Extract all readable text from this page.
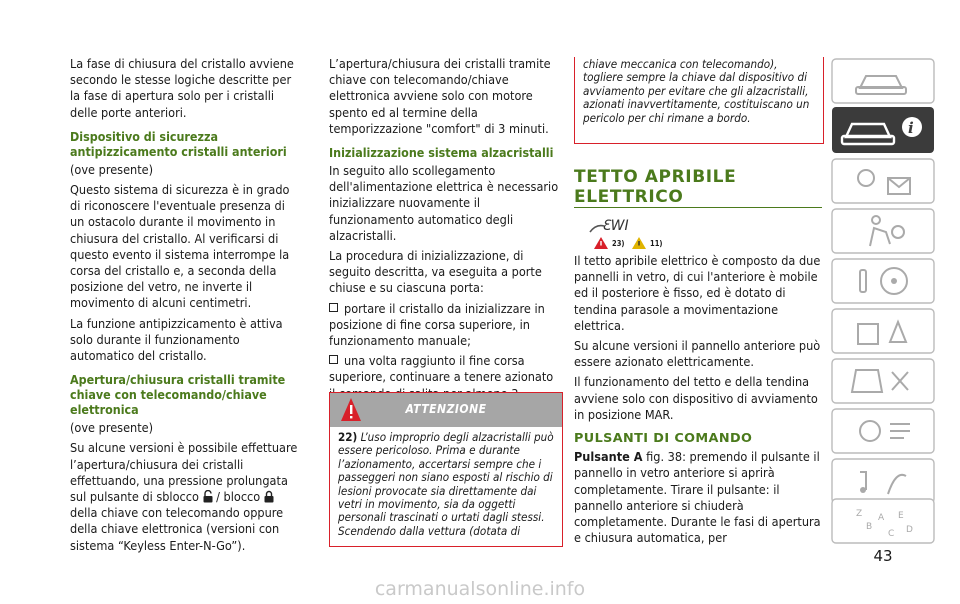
La fase di chiusura del cristallo avviene secondo le stesse logiche descritte per la fase di apertura solo per i cristalli delle porte anteriori.

Dispositivo di sicurezza antipizzicamento cristalli anteriori

(ove presente)

Questo sistema di sicurezza è in grado di riconoscere l'eventuale presenza di un ostacolo durante il movimento in chiusura del cristallo. Al verificarsi di questo evento il sistema interrompe la corsa del cristallo e, a seconda della posizione del vetro, ne inverte il movimento di alcuni centimetri.

La funzione antipizzicamento è attiva solo durante il funzionamento automatico del cristallo.

Apertura/chiusura cristalli tramite chiave con telecomando/chiave elettronica

(ove presente)

Su alcune versioni è possibile effettuare l’apertura/chiusura dei cristalli effettuando, una pressione prolungata sul pulsante di sblocco / blocco  della chiave con telecomando oppure della chiave elettronica (versioni con sistema “Keyless Enter-N-Go”).

L’apertura/chiusura dei cristalli tramite chiave con telecomando/chiave elettronica avviene solo con motore spento ed al termine della temporizzazione "comfort" di 3 minuti.

Inizializzazione sistema alzacristalli

In seguito allo scollegamento dell'alimentazione elettrica è necessario inizializzare nuovamente il funzionamento automatico degli alzacristalli.

La procedura di inizializzazione, di seguito descritta, va eseguita a porte chiuse e su ciascuna porta:

portare il cristallo da inizializzare in posizione di fine corsa superiore, in funzionamento manuale;

una volta raggiunto il fine corsa superiore, continuare a tenere azionato

ATTENZIONE
22) L’uso improprio degli alzacristalli può essere pericoloso. Prima e durante l’azionamento, accertarsi sempre che i passeggeri non siano esposti al rischio di lesioni provocate sia direttamente dai vetri in movimento, sia da oggetti personali trascinati o urtati dagli stessi. Scendendo dalla vettura (dotata di
chiave meccanica con telecomando), togliere sempre la chiave dal dispositivo di avviamento per evitare che gli alzacristalli, azionati inavvertitamente, costituiscano un pericolo per chi rimane a bordo.
TETTO APRIBILE ELETTRICO
ƐWI
23)	11)

Il tetto apribile elettrico è composto da due pannelli in vetro, di cui l'anteriore è mobile ed il posteriore è fisso, ed è dotato di tendina parasole a movimentazione elettrica.

Su alcune versioni il pannello anteriore può essere azionato elettricamente.

Il funzionamento del tetto e della tendina avviene solo con dispositivo di avviamento in posizione MAR.

PULSANTI DI COMANDO

Pulsante A fig. 38: premendo il pulsante il pannello in vetro anteriore si aprirà completamente. Tirare il pulsante: il pannello anteriore si chiuderà completamente. Durante le fasi di apertura e chiusura automatica, per

i
Z
B
A
C
E
D
43
carmanualsonline.info
